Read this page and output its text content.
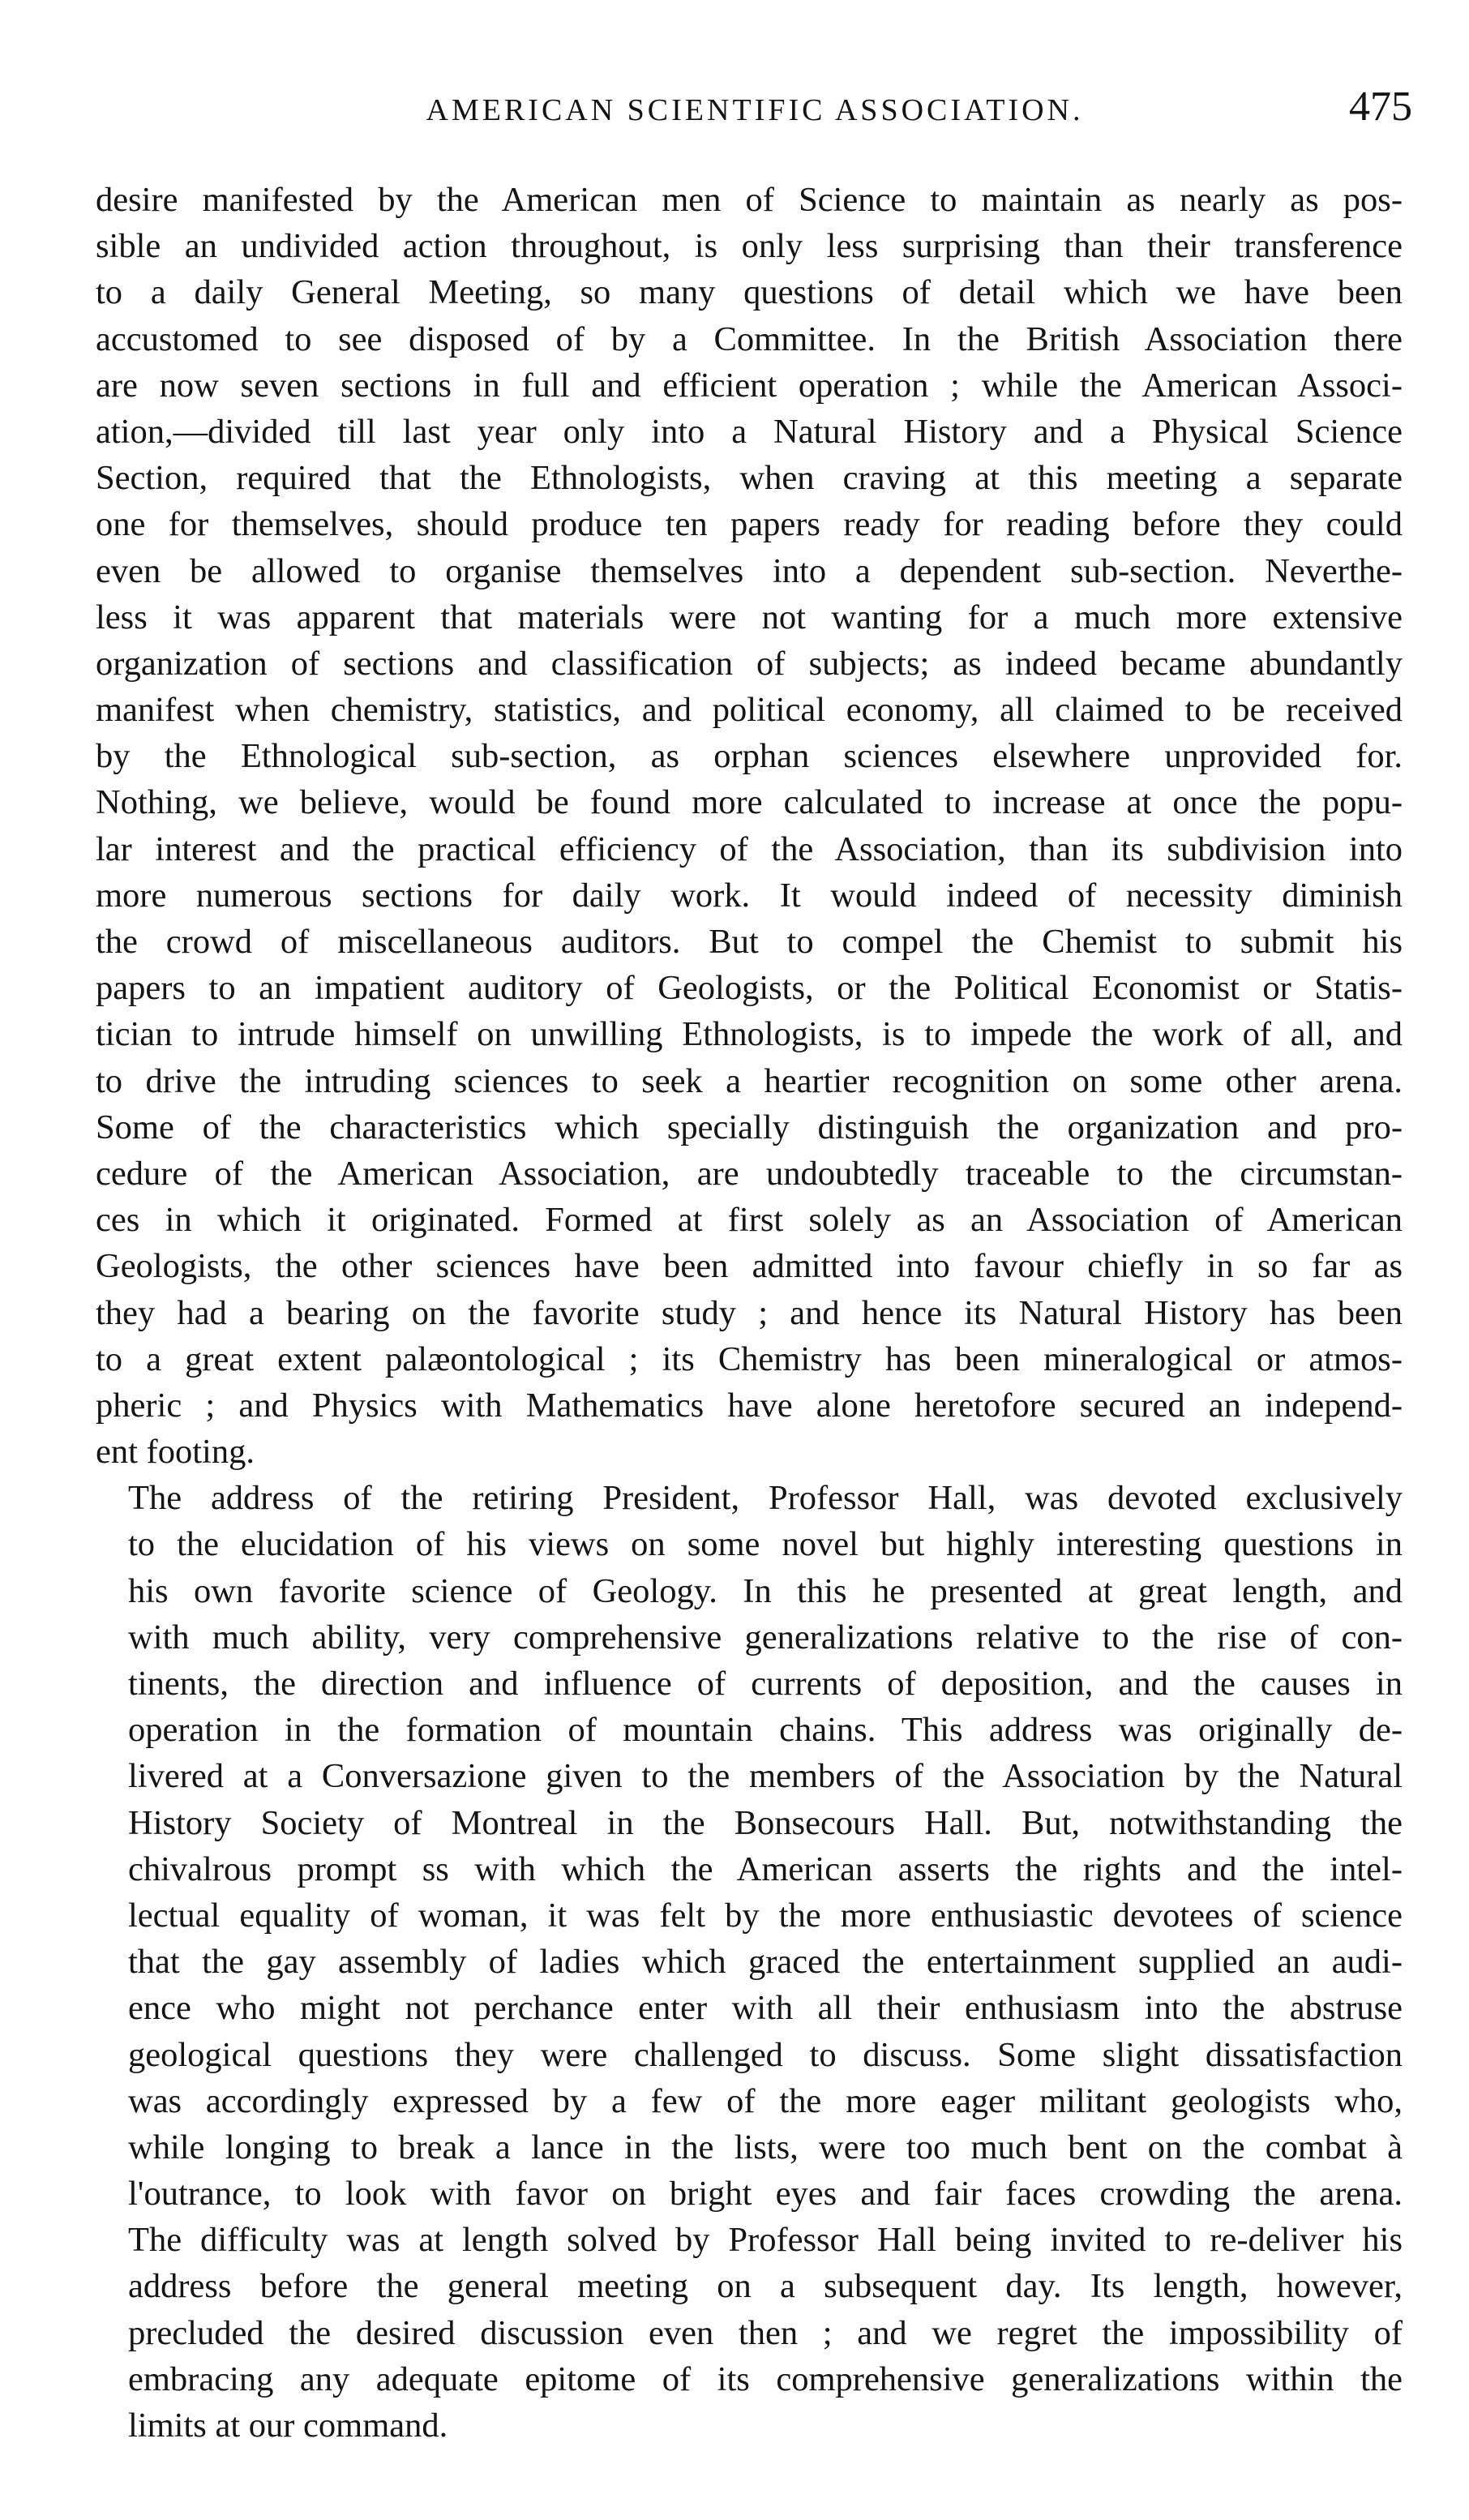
AMERICAN SCIENTIFIC ASSOCIATION.	475
desire manifested by the American men of Science to maintain as nearly as pos-
sible an undivided action throughout, is only less surprising than their transference
to a daily General Meeting, so many questions of detail which we have been
accustomed to see disposed of by a Committee. In the British Association there
are now seven sections in full and efficient operation ; while the American Associ-
ation,—divided till last year only into a Natural History and a Physical Science
Section, required that the Ethnologists, when craving at this meeting a separate
one for themselves, should produce ten papers ready for reading before they could
even be allowed to organise themselves into a dependent sub-section. Neverthe-
less it was apparent that materials were not wanting for a much more extensive
organization of sections and classification of subjects; as indeed became abundantly
manifest when chemistry, statistics, and political economy, all claimed to be received
by the Ethnological sub-section, as orphan sciences elsewhere unprovided for.
Nothing, we believe, would be found more calculated to increase at once the popu-
lar interest and the practical efficiency of the Association, than its subdivision into
more numerous sections for daily work. It would indeed of necessity diminish
the crowd of miscellaneous auditors. But to compel the Chemist to submit his
papers to an impatient auditory of Geologists, or the Political Economist or Statis-
tician to intrude himself on unwilling Ethnologists, is to impede the work of all, and
to drive the intruding sciences to seek a heartier recognition on some other arena.
Some of the characteristics which specially distinguish the organization and pro-
cedure of the American Association, are undoubtedly traceable to the circumstan-
ces in which it originated. Formed at first solely as an Association of American
Geologists, the other sciences have been admitted into favour chiefly in so far as
they had a bearing on the favorite study ; and hence its Natural History has been
to a great extent palæontological ; its Chemistry has been mineralogical or atmos-
pheric ; and Physics with Mathematics have alone heretofore secured an independ-
ent footing.
The address of the retiring President, Professor Hall, was devoted exclusively
to the elucidation of his views on some novel but highly interesting questions in
his own favorite science of Geology. In this he presented at great length, and
with much ability, very comprehensive generalizations relative to the rise of con-
tinents, the direction and influence of currents of deposition, and the causes in
operation in the formation of mountain chains. This address was originally de-
livered at a Conversazione given to the members of the Association by the Natural
History Society of Montreal in the Bonsecours Hall. But, notwithstanding the
chivalrous prompt ss with which the American asserts the rights and the intel-
lectual equality of woman, it was felt by the more enthusiastic devotees of science
that the gay assembly of ladies which graced the entertainment supplied an audi-
ence who might not perchance enter with all their enthusiasm into the abstruse
geological questions they were challenged to discuss. Some slight dissatisfaction
was accordingly expressed by a few of the more eager militant geologists who,
while longing to break a lance in the lists, were too much bent on the combat à
l'outrance, to look with favor on bright eyes and fair faces crowding the arena.
The difficulty was at length solved by Professor Hall being invited to re-deliver his
address before the general meeting on a subsequent day. Its length, however,
precluded the desired discussion even then ; and we regret the impossibility of
embracing any adequate epitome of its comprehensive generalizations within the
limits at our command.
